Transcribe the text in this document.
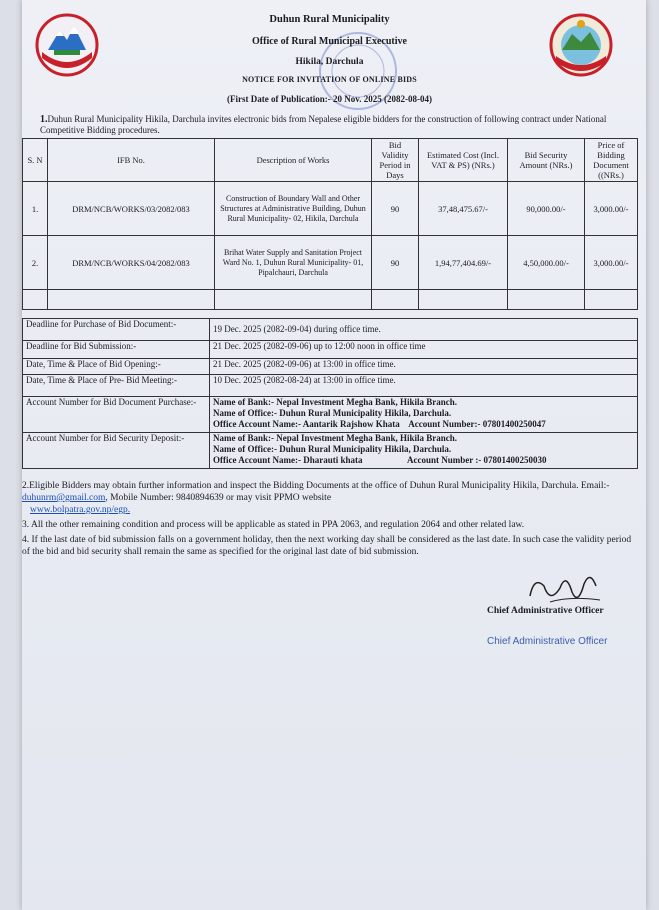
Duhun Rural Municipality
Office of Rural Municipal Executive
Hikila, Darchula
NOTICE FOR INVITATION OF ONLINE BIDS
(First Date of Publication:- 20 Nov. 2025 (2082-08-04)
1.Duhun Rural Municipality Hikila, Darchula invites electronic bids from Nepalese eligible bidders for the construction of following contract under National Competitive Bidding procedures.
S. N	IFB No.	Description of Works	Bid Validity Period in Days	Estimated Cost (Incl. VAT & PS) (NRs.)	Bid Security Amount (NRs.)	Price of Bidding Document ((NRs.)
1.	DRM/NCB/WORKS/03/2082/083	Construction of Boundary Wall and Other Structures at Administrative Building, Duhun Rural Municipality- 02, Hikila, Darchula	90	37,48,475.67/-	90,000.00/-	3,000.00/-
2.	DRM/NCB/WORKS/04/2082/083	Brihat Water Supply and Sanitation Project Ward No. 1, Duhun Rural Municipality- 01, Pipalchauri, Darchula	90	1,94,77,404.69/-	4,50,000.00/-	3,000.00/-

Deadline for Purchase of Bid Document:-	19 Dec. 2025 (2082-09-04) during office time.
Deadline for Bid Submission:-	21 Dec. 2025 (2082-09-06) up to 12:00 noon in office time
Date, Time & Place of Bid Opening:-	21 Dec. 2025 (2082-09-06) at 13:00 in office time.
Date, Time & Place of Pre- Bid Meeting:-	10 Dec. 2025 (2082-08-24) at 13:00 in office time.
Account Number for Bid Document Purchase:-	Name of Bank:- Nepal Investment Megha Bank, Hikila Branch.
Name of Office:- Duhun Rural Municipality Hikila, Darchula.
Office Account Name:- Aantarik Rajshow Khata    Account Number:- 07801400250047

Account Number for Bid Security Deposit:-	Name of Bank:- Nepal Investment Megha Bank, Hikila Branch.
Name of Office:- Duhun Rural Municipality Hikila, Darchula.
Office Account Name:- Dharauti khata                    Account Number :- 07801400250030

2.Eligible Bidders may obtain further information and inspect the Bidding Documents at the office of Duhun Rural Municipality Hikila, Darchula. Email:- duhunrm@gmail.com, Mobile Number: 9840894639 or may visit PPMO website
www.bolpatra.gov.np/egp.

3. All the other remaining condition and process will be applicable as stated in PPA 2063, and regulation 2064 and other related law.

4. If the last date of bid submission falls on a government holiday, then the next working day shall be considered as the last date. In such case the validity period of the bid and bid security shall remain the same as specified for the original last date of bid submission.

Chief Administrative Officer
Chief Administrative Officer
